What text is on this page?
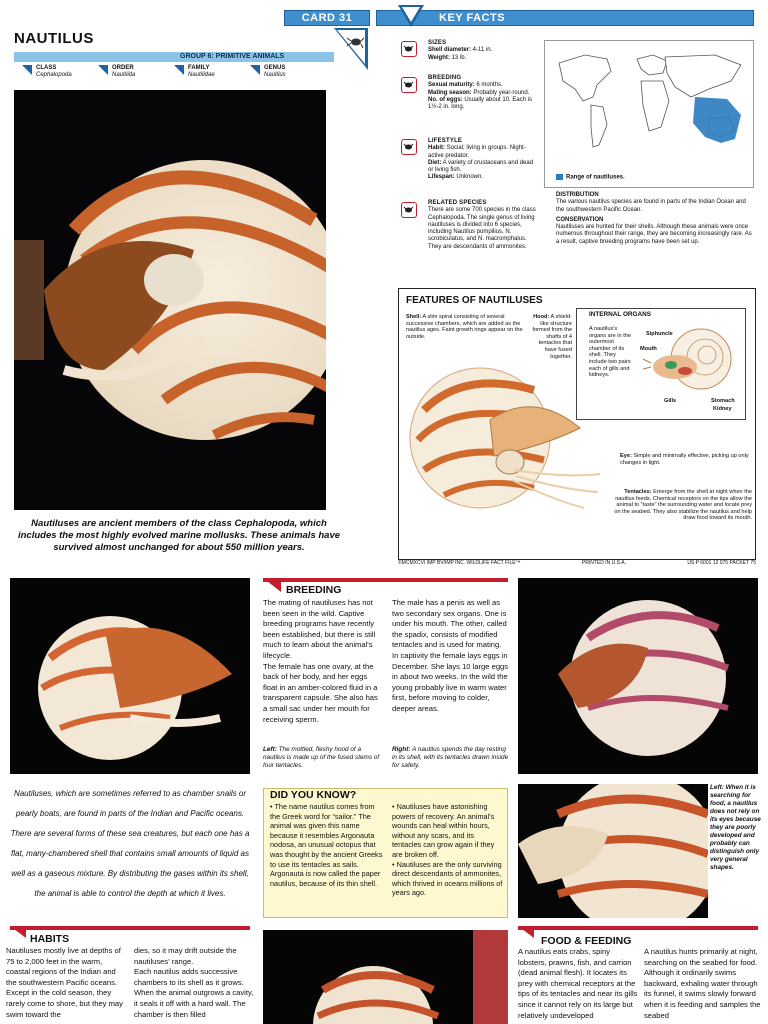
CARD 31	KEY FACTS
NAUTILUS
GROUP 6: PRIMITIVE ANIMALS
CLASS
Cephalopoda
ORDER
Nautilida
FAMILY
Nautilidae
GENUS
Nautilus
Nautiluses are ancient members of the class Cephalopoda, which includes the most highly evolved marine mollusks. These animals have survived almost unchanged for about 550 million years.
SIZES
Shell diameter: 4-11 in.
Weight: 13 lb.
BREEDING
Sexual maturity: 6 months.
Mating season: Probably year-round.
No. of eggs: Usually about 10. Each is 1½-2 in. long.
LIFESTYLE
Habit: Social; living in groups. Night-active predator.
Diet: A variety of crustaceans and dead or living fish.
Lifespan: Unknown.
RELATED SPECIES
There are some 700 species in the class Cephalopoda. The single genus of living nautiluses is divided into 6 species, including Nautilus pompilius, N. scrobiculatus, and N. macromphalus. They are descendants of ammonites.
Range of nautiluses.
DISTRIBUTION
The various nautilus species are found in parts of the Indian Ocean and the southwestern Pacific Ocean.
CONSERVATION
Nautiluses are hunted for their shells. Although these animals were once numerous throughout their range, they are becoming increasingly rare. As a result, captive breeding programs have been set up.
FEATURES OF NAUTILUSES
Shell: A slim spiral consisting of several successive chambers, which are added as the nautilus ages. Faint growth rings appear on the outside.
Hood: A shield-like structure formed from the shafts of 4 tentacles that have fused together.
INTERNAL ORGANS
A nautilus's organs are in the outermost chamber of its shell. They include two pairs each of gills and kidneys.
Siphuncle
Mouth
Gills	Stomach
Kidney
Eye: Simple and minimally effective, picking up only changes in light.
Tentacles: Emerge from the shell at night when the nautilus feeds. Chemical receptors on the tips allow the animal to “taste” the surrounding water and locate prey on the seabed. They also stabilize the nautilus and help draw food toward its mouth.
©MCMXCVI IMP BV/IMP INC. WILDLIFE FACT FILE™	PRINTED IN U.S.A.	US P 6001 12 075 PACKET 75
BREEDING
The mating of nautiluses has not been seen in the wild. Captive breeding programs have recently been established, but there is still much to learn about the animal's lifecycle.
The female has one ovary, at the back of her body, and her eggs float in an amber-colored fluid in a transparent capsule. She also has a small sac under her mouth for receiving sperm.
The male has a penis as well as two secondary sex organs. One is under his mouth. The other, called the spadix, consists of modified tentacles and is used for mating.
In captivity the female lays eggs in December. She lays 10 large eggs in about two weeks. In the wild the young probably live in warm water first, before moving to colder, deeper areas.
Left: The mottled, fleshy hood of a nautilus is made up of the fused stems of four tentacles.
Right: A nautilus spends the day resting in its shell, with its tentacles drawn inside for safety.
Nautiluses, which are sometimes referred to as chamber snails or pearly boats, are found in parts of the Indian and Pacific oceans. There are several forms of these sea creatures, but each one has a flat, many-chambered shell that contains small amounts of liquid as well as a gaseous mixture. By distributing the gases within its shell, the animal is able to control the depth at which it lives.
DID YOU KNOW?
• The name nautilus comes from the Greek word for “sailor.” The animal was given this name because it resembles Argonauta nodosa, an unusual octopus that was thought by the ancient Greeks to use its tentacles as sails. Argonauta is now called the paper nautilus, because of its thin shell.
• Nautiluses have astonishing powers of recovery. An animal's wounds can heal within hours, without any scars, and its tentacles can grow again if they are broken off.
• Nautiluses are the only surviving direct descendants of ammonites, which thrived in oceans millions of years ago.
Left: When it is searching for food, a nautilus does not rely on its eyes because they are poorly developed and probably can distinguish only very general shapes.
HABITS
Nautiluses mostly live at depths of 75 to 2,000 feet in the warm, coastal regions of the Indian and the southwestern Pacific oceans. Except in the cold season, they rarely come to shore, but they may swim toward the
dies, so it may drift outside the nautiluses' range.
Each nautilus adds successive chambers to its shell as it grows. When the animal outgrows a cavity, it seals it off with a hard wall. The chamber is then filled
FOOD & FEEDING
A nautilus eats crabs, spiny lobsters, prawns, fish, and carrion (dead animal flesh). It locates its prey with chemical receptors at the tips of its tentacles and near its gills since it cannot rely on its large but relatively undeveloped
A nautilus hunts primarily at night, searching on the seabed for food. Although it ordinarily swims backward, exhaling water through its funnel, it swims slowly forward when it is feeding and samples the seabed
